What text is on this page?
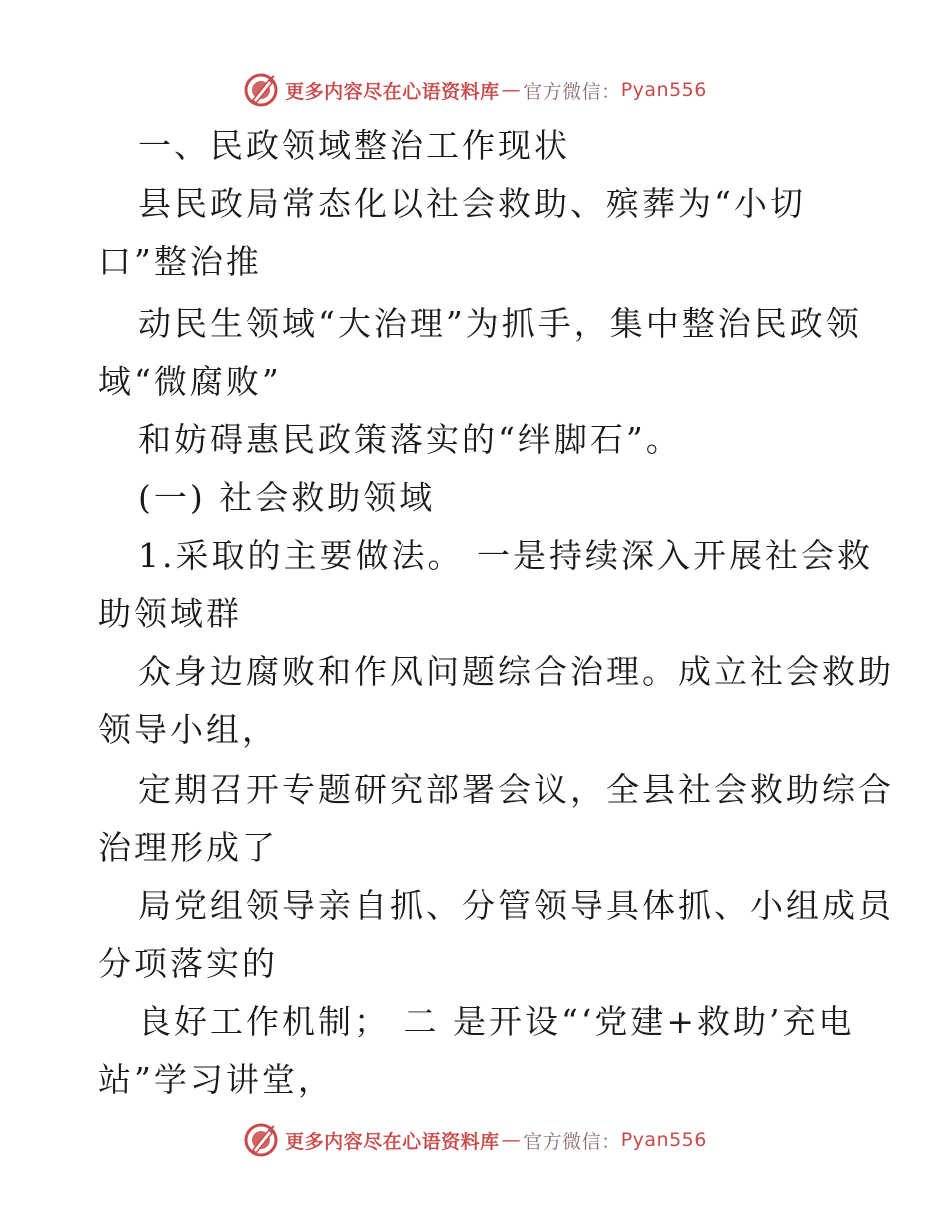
更多内容尽在心语资料库 — 官方微信： Pyan556
一、民政领域整治工作现状
县民政局常态化以社会救助、殡葬为“小切
口”整治推
动民生领域“大治理”为抓手，集中整治民政领
域“微腐败”
和妨碍惠民政策落实的“绊脚石”。
(一) 社会救助领域
1.采取的主要做法。 一是持续深入开展社会救
助领域群
众身边腐败和作风问题综合治理。成立社会救助
领导小组，
定期召开专题研究部署会议，全县社会救助综合
治理形成了
局党组领导亲自抓、分管领导具体抓、小组成员
分项落实的
良好工作机制； 二 是开设“‘党建+救助’充电
站”学习讲堂，
更多内容尽在心语资料库 — 官方微信： Pyan556
